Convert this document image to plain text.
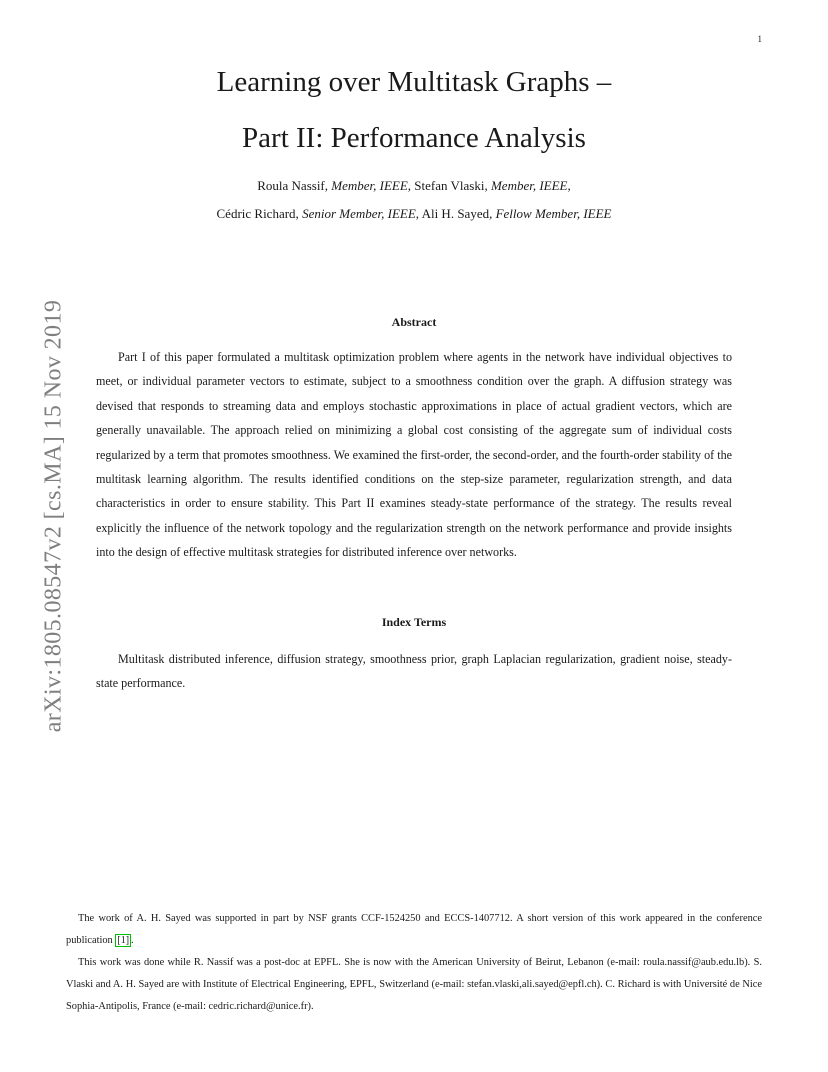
1
arXiv:1805.08547v2 [cs.MA] 15 Nov 2019
Learning over Multitask Graphs –
Part II: Performance Analysis
Roula Nassif, Member, IEEE, Stefan Vlaski, Member, IEEE,
Cédric Richard, Senior Member, IEEE, Ali H. Sayed, Fellow Member, IEEE
Abstract
Part I of this paper formulated a multitask optimization problem where agents in the network have individual objectives to meet, or individual parameter vectors to estimate, subject to a smoothness condition over the graph. A diffusion strategy was devised that responds to streaming data and employs stochastic approximations in place of actual gradient vectors, which are generally unavailable. The approach relied on minimizing a global cost consisting of the aggregate sum of individual costs regularized by a term that promotes smoothness. We examined the first-order, the second-order, and the fourth-order stability of the multitask learning algorithm. The results identified conditions on the step-size parameter, regularization strength, and data characteristics in order to ensure stability. This Part II examines steady-state performance of the strategy. The results reveal explicitly the influence of the network topology and the regularization strength on the network performance and provide insights into the design of effective multitask strategies for distributed inference over networks.
Index Terms
Multitask distributed inference, diffusion strategy, smoothness prior, graph Laplacian regularization, gradient noise, steady-state performance.
The work of A. H. Sayed was supported in part by NSF grants CCF-1524250 and ECCS-1407712. A short version of this work appeared in the conference publication [1] .
This work was done while R. Nassif was a post-doc at EPFL. She is now with the American University of Beirut, Lebanon (e-mail: roula.nassif@aub.edu.lb). S. Vlaski and A. H. Sayed are with Institute of Electrical Engineering, EPFL, Switzerland (e-mail: stefan.vlaski,ali.sayed@epfl.ch). C. Richard is with Université de Nice Sophia-Antipolis, France (e-mail: cedric.richard@unice.fr).
